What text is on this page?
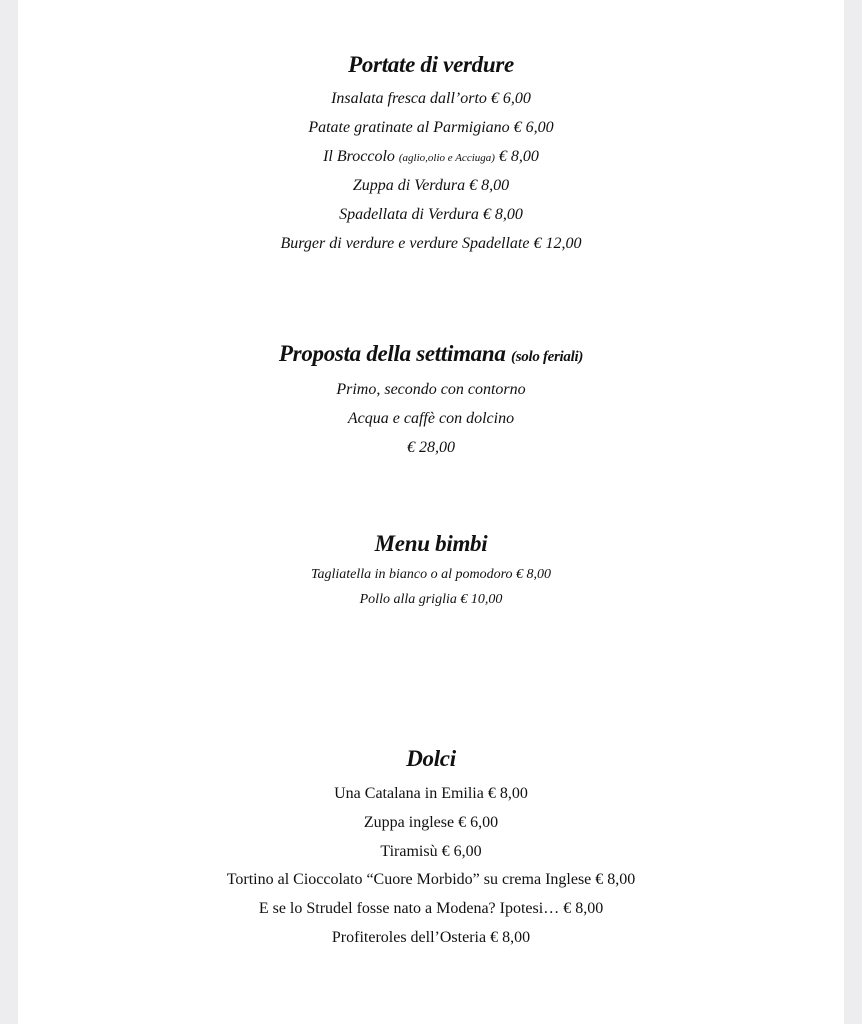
Portate di verdure

Insalata fresca dall’orto € 6,00

Patate gratinate al Parmigiano € 6,00

Il Broccolo (aglio,olio e Acciuga) € 8,00

Zuppa di Verdura € 8,00

Spadellata di Verdura € 8,00

Burger di verdure e verdure Spadellate € 12,00

Proposta della settimana (solo feriali)

Primo, secondo con contorno

Acqua e caffè con dolcino

€ 28,00

Menu bimbi

Tagliatella in bianco o al pomodoro € 8,00

Pollo alla griglia € 10,00

Dolci

Una Catalana in Emilia € 8,00

Zuppa inglese € 6,00

Tiramisù € 6,00

Tortino al Cioccolato “Cuore Morbido” su crema Inglese € 8,00

E se lo Strudel fosse nato a Modena? Ipotesi… € 8,00

Profiteroles dell’Osteria € 8,00
